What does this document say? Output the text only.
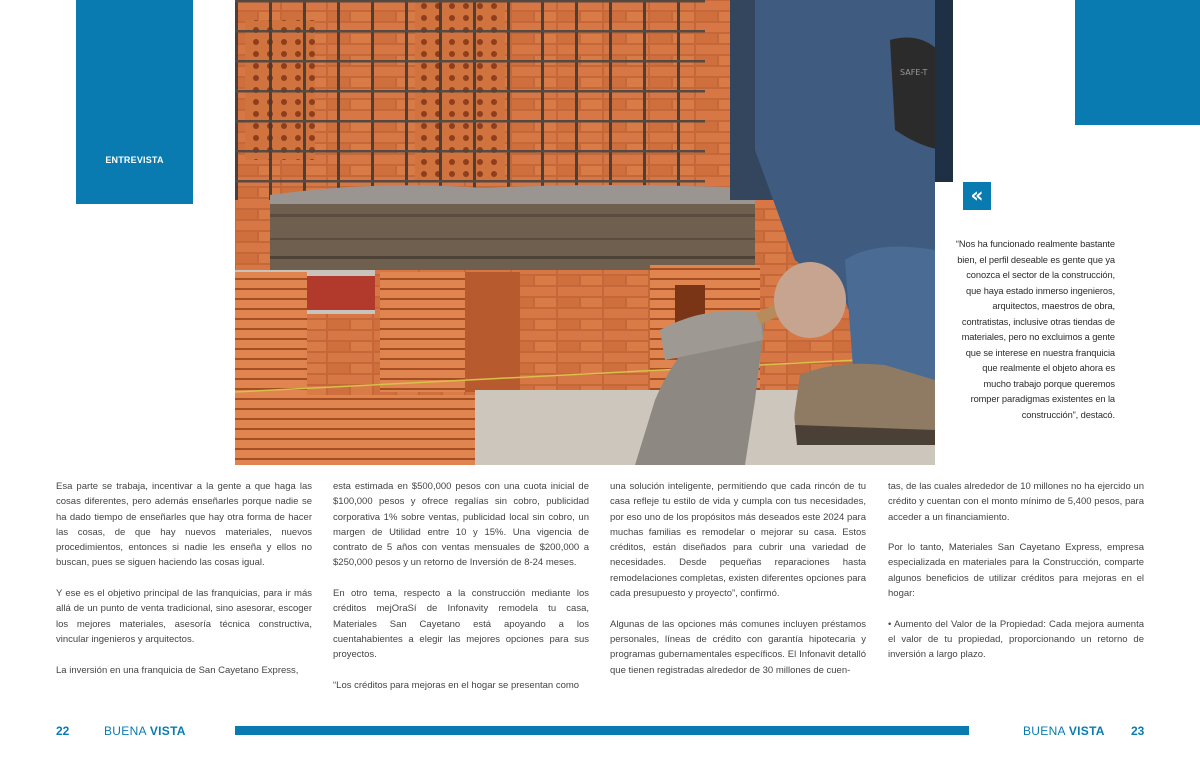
ENTREVISTA
SAFE-T
«
“Nos ha funcionado realmente bastante bien, el perfil deseable es gente que ya conozca el sector de la construcción, que haya estado inmerso ingenieros, arquitectos, maestros de obra, contratistas, inclusive otras tiendas de materiales, pero no excluimos a gente que se interese en nuestra franquicia que realmente el objeto ahora es mucho trabajo porque queremos romper paradigmas existentes en la construcción”, destacó.

Esa parte se trabaja, incentivar a la gente a que haga las cosas diferentes, pero además enseñarles porque nadie se ha dado tiempo de enseñarles que hay otra forma de hacer las cosas, de que hay nuevos materiales, nuevos procedimientos, entonces si nadie les enseña y ellos no buscan, pues se siguen haciendo las cosas igual.

Y ese es el objetivo principal de las franquicias, para ir más allá de un punto de venta tradicional, sino asesorar, escoger los mejores materiales, asesoría técnica constructiva, vincular ingenieros y arquitectos.

La inversión en una franquicia de San Cayetano Express,

esta estimada en $500,000 pesos con una cuota inicial de $100,000 pesos y ofrece regalías sin cobro, publicidad corporativa 1% sobre ventas, publicidad local sin cobro, un margen de Utilidad entre 10 y 15%. Una vigencia de contrato de 5 años con ventas mensuales de $200,000 a $250,000 pesos y un retorno de Inversión de 8-24 meses.

En otro tema, respecto a la construcción mediante los créditos mejOraSí de Infonavity remodela tu casa, Materiales San Cayetano está apoyando a los cuentahabientes a elegir las mejores opciones para sus proyectos.

“Los créditos para mejoras en el hogar se presentan como

una solución inteligente, permitiendo que cada rincón de tu casa refleje tu estilo de vida y cumpla con tus necesidades, por eso uno de los propósitos más deseados este 2024 para muchas familias es remodelar o mejorar su casa. Estos créditos, están diseñados para cubrir una variedad de necesidades. Desde pequeñas reparaciones hasta remodelaciones completas, existen diferentes opciones para cada presupuesto y proyecto”, confirmó.

Algunas de las opciones más comunes incluyen préstamos personales, líneas de crédito con garantía hipotecaria y programas gubernamentales específicos. El Infonavit detalló que tienen registradas alrededor de 30 millones de cuen-

tas, de las cuales alrededor de 10 millones no ha ejercido un crédito y cuentan con el monto mínimo de 5,400 pesos, para acceder a un financiamiento.

Por lo tanto, Materiales San Cayetano Express, empresa especializada en materiales para la Construcción, comparte algunos beneficios de utilizar créditos para mejoras en el hogar:

• Aumento del Valor de la Propiedad: Cada mejora aumenta el valor de tu propiedad, proporcionando un retorno de inversión a largo plazo.

22	BUENA VISTA	BUENA VISTA 23
